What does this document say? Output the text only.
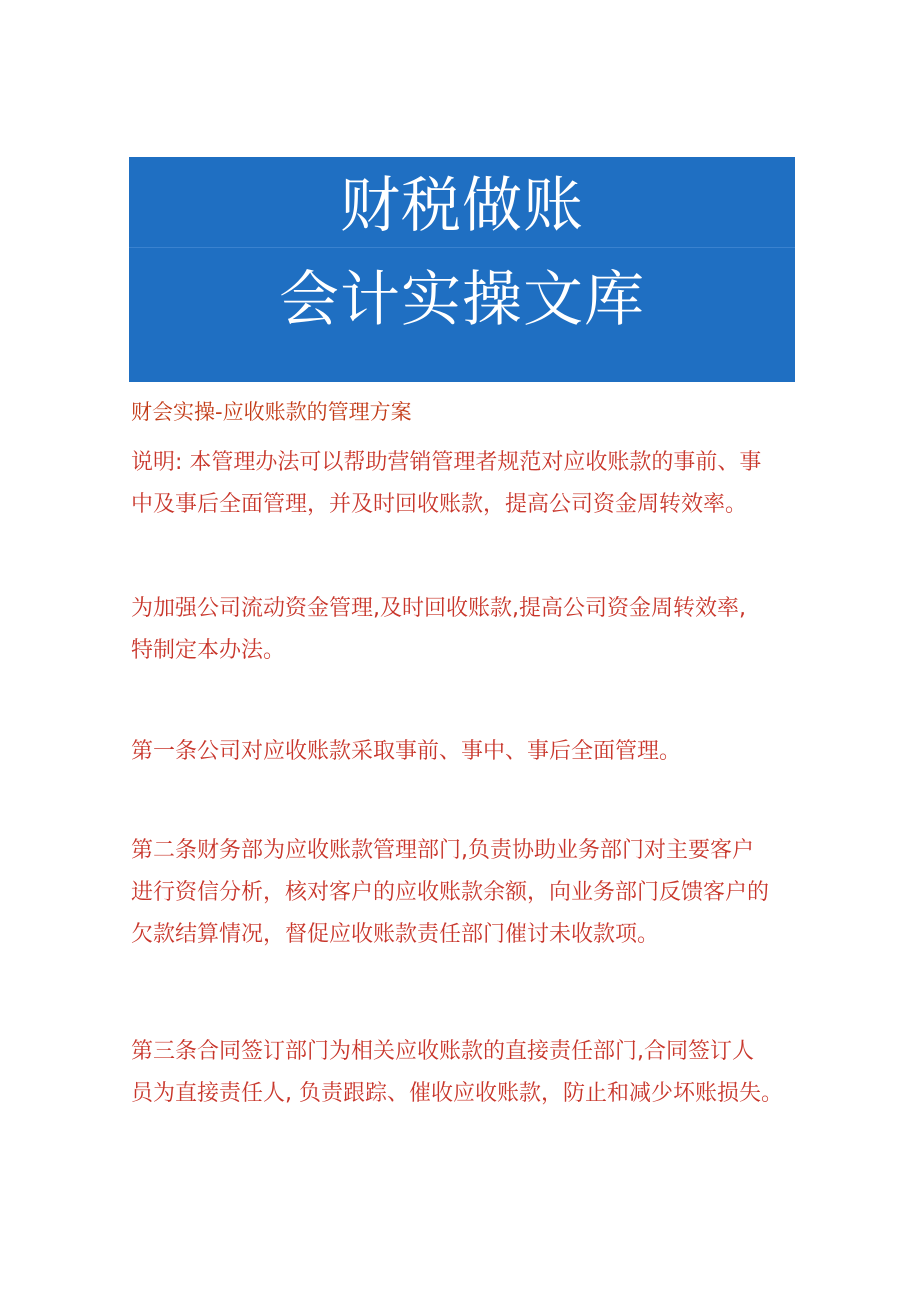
财税做账
会计实操文库
财会实操-应收账款的管理方案
说明: 本管理办法可以帮助营销管理者规范对应收账款的事前、事
中及事后全面管理，并及时回收账款，提高公司资金周转效率。
为加强公司流动资金管理,及时回收账款,提高公司资金周转效率,
特制定本办法。
第一条公司对应收账款采取事前、事中、事后全面管理。
第二条财务部为应收账款管理部门,负责协助业务部门对主要客户
进行资信分析，核对客户的应收账款余额，向业务部门反馈客户的
欠款结算情况，督促应收账款责任部门催讨未收款项。
第三条合同签订部门为相关应收账款的直接责任部门,合同签订人
员为直接责任人, 负责跟踪、催收应收账款，防止和减少坏账损失。
